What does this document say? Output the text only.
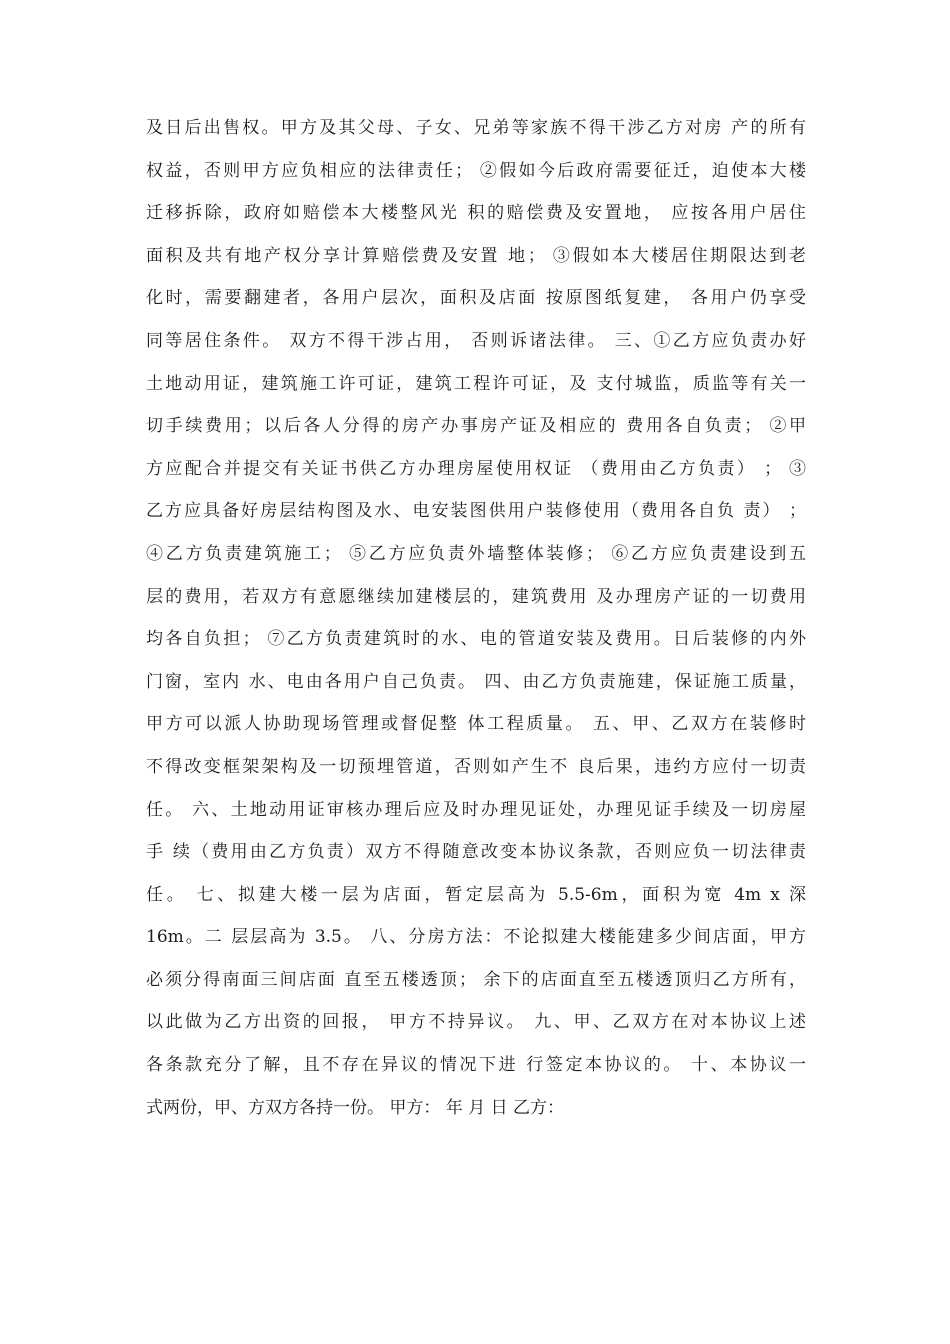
及日后出售权。甲方及其父母、子女、兄弟等家族不得干涉乙方对房 产的所有
权益，否则甲方应负相应的法律责任； ②假如今后政府需要征迁，迫使本大楼
迁移拆除，政府如赔偿本大楼整风光 积的赔偿费及安置地， 应按各用户居住
面积及共有地产权分享计算赔偿费及安置 地； ③假如本大楼居住期限达到老
化时，需要翻建者，各用户层次，面积及店面 按原图纸复建， 各用户仍享受
同等居住条件。 双方不得干涉占用， 否则诉诸法律。 三、①乙方应负责办好
土地动用证，建筑施工许可证，建筑工程许可证，及 支付城监，质监等有关一
切手续费用；以后各人分得的房产办事房产证及相应的 费用各自负责； ②甲
方应配合并提交有关证书供乙方办理房屋使用权证 （费用由乙方负责） ； ③
乙方应具备好房层结构图及水、电安装图供用户装修使用（费用各自负 责） ；
④乙方负责建筑施工； ⑤乙方应负责外墙整体装修； ⑥乙方应负责建设到五
层的费用，若双方有意愿继续加建楼层的，建筑费用 及办理房产证的一切费用
均各自负担； ⑦乙方负责建筑时的水、电的管道安装及费用。日后装修的内外
门窗，室内 水、电由各用户自己负责。 四、由乙方负责施建，保证施工质量，
甲方可以派人协助现场管理或督促整 体工程质量。 五、甲、乙双方在装修时
不得改变框架架构及一切预埋管道，否则如产生不 良后果，违约方应付一切责
任。 六、土地动用证审核办理后应及时办理见证处，办理见证手续及一切房屋
手 续（费用由乙方负责）双方不得随意改变本协议条款，否则应负一切法律责
任。 七、拟建大楼一层为店面，暂定层高为 5.5-6m，面积为宽 4m x 深
16m。二 层层高为 3.5。 八、分房方法：不论拟建大楼能建多少间店面，甲方
必须分得南面三间店面 直至五楼透顶； 余下的店面直至五楼透顶归乙方所有，
以此做为乙方出资的回报， 甲方不持异议。 九、甲、乙双方在对本协议上述
各条款充分了解，且不存在异议的情况下进 行签定本协议的。 十、本协议一
式两份，甲、方双方各持一份。 甲方： 年 月 日 乙方：
